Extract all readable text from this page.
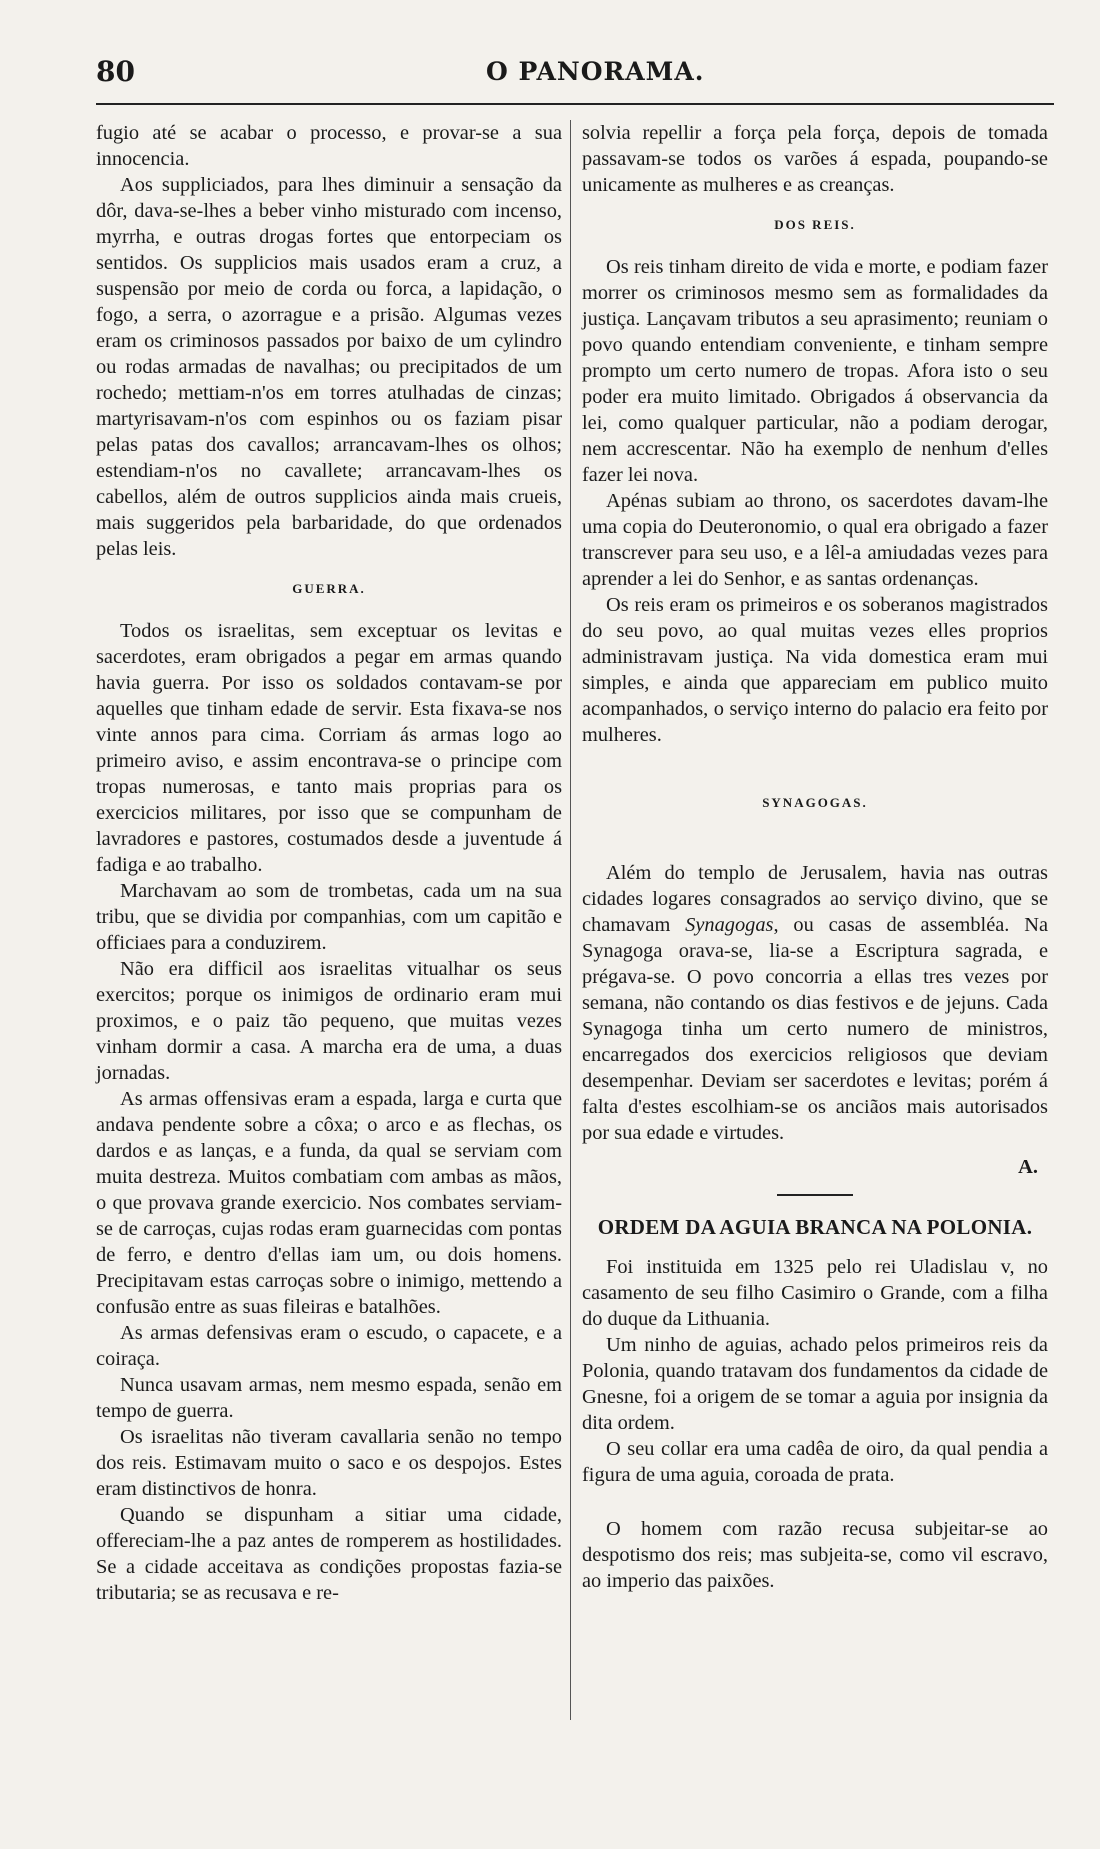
80	O PANORAMA.

fugio até se acabar o processo, e provar-se a sua innocencia.

Aos suppliciados, para lhes diminuir a sensação da dôr, dava-se-lhes a beber vinho misturado com incenso, myrrha, e outras drogas fortes que entorpeciam os sentidos. Os supplicios mais usados eram a cruz, a suspensão por meio de corda ou forca, a lapidação, o fogo, a serra, o azorrague e a prisão. Algumas vezes eram os criminosos passados por baixo de um cylindro ou rodas armadas de navalhas; ou precipitados de um rochedo; mettiam-n'os em torres atulhadas de cinzas; martyrisavam-n'os com espinhos ou os faziam pisar pelas patas dos cavallos; arrancavam-lhes os olhos; estendiam-n'os no cavallete; arrancavam-lhes os cabellos, além de outros supplicios ainda mais crueis, mais suggeridos pela barbaridade, do que ordenados pelas leis.

GUERRA.

Todos os israelitas, sem exceptuar os levitas e sacerdotes, eram obrigados a pegar em armas quando havia guerra. Por isso os soldados contavam-se por aquelles que tinham edade de servir. Esta fixava-se nos vinte annos para cima. Corriam ás armas logo ao primeiro aviso, e assim encontrava-se o principe com tropas numerosas, e tanto mais proprias para os exercicios militares, por isso que se compunham de lavradores e pastores, costumados desde a juventude á fadiga e ao trabalho.

Marchavam ao som de trombetas, cada um na sua tribu, que se dividia por companhias, com um capitão e officiaes para a conduzirem.

Não era difficil aos israelitas vitualhar os seus exercitos; porque os inimigos de ordinario eram mui proximos, e o paiz tão pequeno, que muitas vezes vinham dormir a casa. A marcha era de uma, a duas jornadas.

As armas offensivas eram a espada, larga e curta que andava pendente sobre a côxa; o arco e as flechas, os dardos e as lanças, e a funda, da qual se serviam com muita destreza. Muitos combatiam com ambas as mãos, o que provava grande exercicio. Nos combates serviam-se de carroças, cujas rodas eram guarnecidas com pontas de ferro, e dentro d'ellas iam um, ou dois homens. Precipitavam estas carroças sobre o inimigo, mettendo a confusão entre as suas fileiras e batalhões.

As armas defensivas eram o escudo, o capacete, e a coiraça.

Nunca usavam armas, nem mesmo espada, senão em tempo de guerra.

Os israelitas não tiveram cavallaria senão no tempo dos reis. Estimavam muito o saco e os despojos. Estes eram distinctivos de honra.

Quando se dispunham a sitiar uma cidade, offereciam-lhe a paz antes de romperem as hostilidades. Se a cidade acceitava as condições propostas fazia-se tributaria; se as recusava e re-

solvia repellir a força pela força, depois de tomada passavam-se todos os varões á espada, poupando-se unicamente as mulheres e as creanças.

DOS REIS.

Os reis tinham direito de vida e morte, e podiam fazer morrer os criminosos mesmo sem as formalidades da justiça. Lançavam tributos a seu aprasimento; reuniam o povo quando entendiam conveniente, e tinham sempre prompto um certo numero de tropas. Afora isto o seu poder era muito limitado. Obrigados á observancia da lei, como qualquer particular, não a podiam derogar, nem accrescentar. Não ha exemplo de nenhum d'elles fazer lei nova.

Apénas subiam ao throno, os sacerdotes davam-lhe uma copia do Deuteronomio, o qual era obrigado a fazer transcrever para seu uso, e a lêl-a amiudadas vezes para aprender a lei do Senhor, e as santas ordenanças.

Os reis eram os primeiros e os soberanos magistrados do seu povo, ao qual muitas vezes elles proprios administravam justiça. Na vida domestica eram mui simples, e ainda que appareciam em publico muito acompanhados, o serviço interno do palacio era feito por mulheres.

SYNAGOGAS.

Além do templo de Jerusalem, havia nas outras cidades logares consagrados ao serviço divino, que se chamavam Synagogas, ou casas de assembléa. Na Synagoga orava-se, lia-se a Escriptura sagrada, e prégava-se. O povo concorria a ellas tres vezes por semana, não contando os dias festivos e de jejuns. Cada Synagoga tinha um certo numero de ministros, encarregados dos exercicios religiosos que deviam desempenhar. Deviam ser sacerdotes e levitas; porém á falta d'estes escolhiam-se os anciãos mais autorisados por sua edade e virtudes.

A.
ORDEM DA AGUIA BRANCA NA POLONIA.

Foi instituida em 1325 pelo rei Uladislau v, no casamento de seu filho Casimiro o Grande, com a filha do duque da Lithuania.

Um ninho de aguias, achado pelos primeiros reis da Polonia, quando tratavam dos fundamentos da cidade de Gnesne, foi a origem de se tomar a aguia por insignia da dita ordem.

O seu collar era uma cadêa de oiro, da qual pendia a figura de uma aguia, coroada de prata.

O homem com razão recusa subjeitar-se ao despotismo dos reis; mas subjeita-se, como vil escravo, ao imperio das paixões.
